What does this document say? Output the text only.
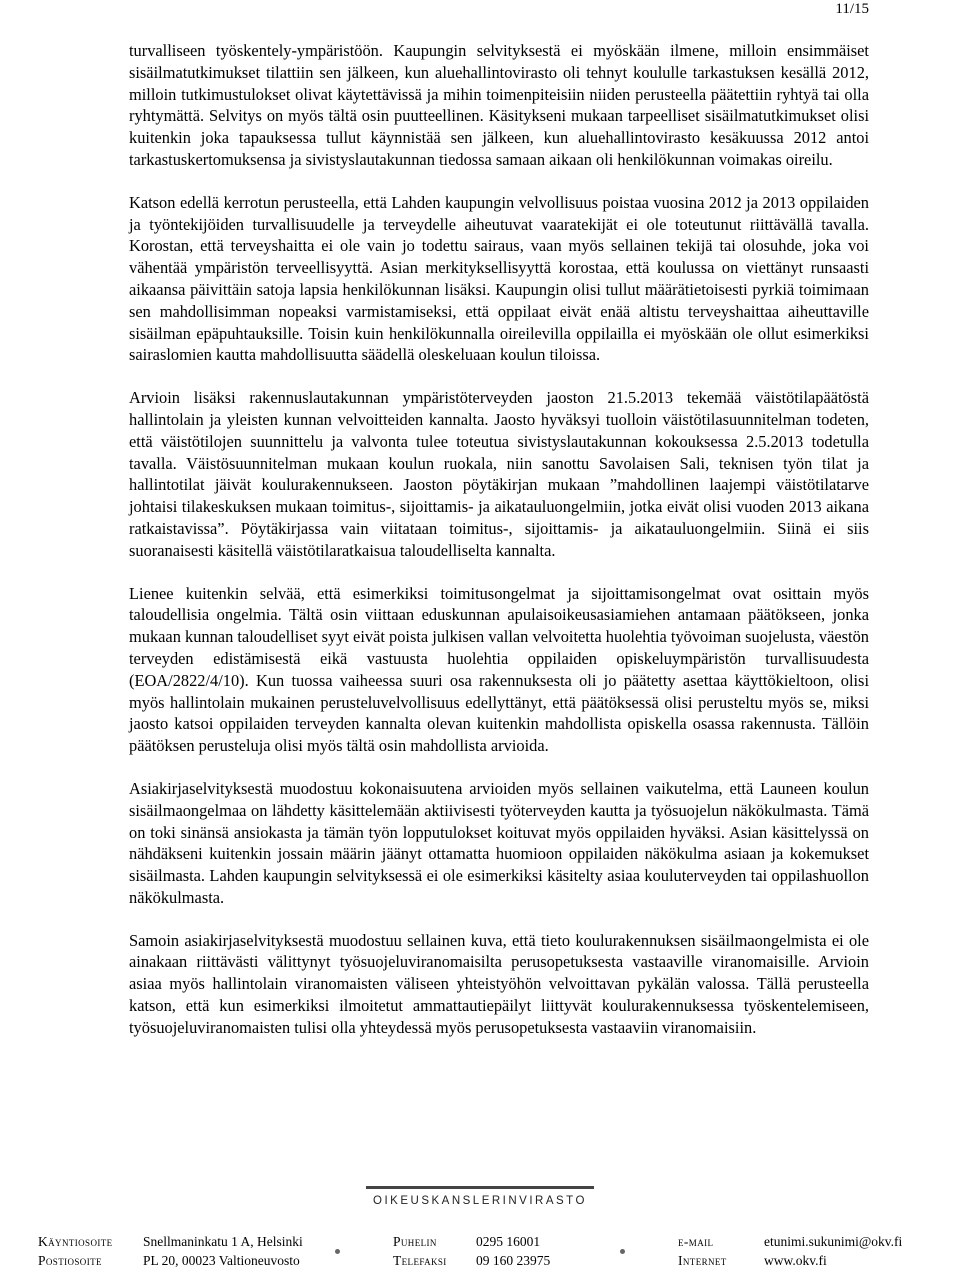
11/15

turvalliseen työskentely-ympäristöön. Kaupungin selvityksestä ei myöskään ilmene, milloin ensimmäiset sisäilmatutkimukset tilattiin sen jälkeen, kun aluehallintovirasto oli tehnyt koululle tarkastuksen kesällä 2012, milloin tutkimustulokset olivat käytettävissä ja mihin toimenpiteisiin niiden perusteella päätettiin ryhtyä tai olla ryhtymättä. Selvitys on myös tältä osin puutteellinen. Käsitykseni mukaan tarpeelliset sisäilmatutkimukset olisi kuitenkin joka tapauksessa tullut käynnistää sen jälkeen, kun aluehallintovirasto kesäkuussa 2012 antoi tarkastuskertomuksensa ja sivistyslautakunnan tiedossa samaan aikaan oli henkilökunnan voimakas oireilu.

Katson edellä kerrotun perusteella, että Lahden kaupungin velvollisuus poistaa vuosina 2012 ja 2013 oppilaiden ja työntekijöiden turvallisuudelle ja terveydelle aiheutuvat vaaratekijät ei ole toteutunut riittävällä tavalla. Korostan, että terveyshaitta ei ole vain jo todettu sairaus, vaan myös sellainen tekijä tai olosuhde, joka voi vähentää ympäristön terveellisyyttä. Asian merkityksellisyyttä korostaa, että koulussa on viettänyt runsaasti aikaansa päivittäin satoja lapsia henkilökunnan lisäksi. Kaupungin olisi tullut määrätietoisesti pyrkiä toimimaan sen mahdollisimman nopeaksi varmistamiseksi, että oppilaat eivät enää altistu terveyshaittaa aiheuttaville sisäilman epäpuhtauksille. Toisin kuin henkilökunnalla oireilevilla oppilailla ei myöskään ole ollut esimerkiksi sairaslomien kautta mahdollisuutta säädellä oleskeluaan koulun tiloissa.

Arvioin lisäksi rakennuslautakunnan ympäristöterveyden jaoston 21.5.2013 tekemää väistötilapäätöstä hallintolain ja yleisten kunnan velvoitteiden kannalta. Jaosto hyväksyi tuolloin väistötilasuunnitelman todeten, että väistötilojen suunnittelu ja valvonta tulee toteutua sivistyslautakunnan kokouksessa 2.5.2013 todetulla tavalla. Väistösuunnitelman mukaan koulun ruokala, niin sanottu Savolaisen Sali, teknisen työn tilat ja hallintotilat jäivät koulurakennukseen. Jaoston pöytäkirjan mukaan ”mahdollinen laajempi väistötilatarve johtaisi tilakeskuksen mukaan toimitus-, sijoittamis- ja aikatauluongelmiin, jotka eivät olisi vuoden 2013 aikana ratkaistavissa”. Pöytäkirjassa vain viitataan toimitus-, sijoittamis- ja aikatauluongelmiin. Siinä ei siis suoranaisesti käsitellä väistötilaratkaisua taloudelliselta kannalta.

Lienee kuitenkin selvää, että esimerkiksi toimitusongelmat ja sijoittamisongelmat ovat osittain myös taloudellisia ongelmia. Tältä osin viittaan eduskunnan apulaisoikeusasiamiehen antamaan päätökseen, jonka mukaan kunnan taloudelliset syyt eivät poista julkisen vallan velvoitetta huolehtia työvoiman suojelusta, väestön terveyden edistämisestä eikä vastuusta huolehtia oppilaiden opiskeluympäristön turvallisuudesta (EOA/2822/4/10). Kun tuossa vaiheessa suuri osa rakennuksesta oli jo päätetty asettaa käyttökieltoon, olisi myös hallintolain mukainen perusteluvelvollisuus edellyttänyt, että päätöksessä olisi perusteltu myös se, miksi jaosto katsoi oppilaiden terveyden kannalta olevan kuitenkin mahdollista opiskella osassa rakennusta. Tällöin päätöksen perusteluja olisi myös tältä osin mahdollista arvioida.

Asiakirjaselvityksestä muodostuu kokonaisuutena arvioiden myös sellainen vaikutelma, että Launeen koulun sisäilmaongelmaa on lähdetty käsittelemään aktiivisesti työterveyden kautta ja työsuojelun näkökulmasta. Tämä on toki sinänsä ansiokasta ja tämän työn lopputulokset koituvat myös oppilaiden hyväksi. Asian käsittelyssä on nähdäkseni kuitenkin jossain määrin jäänyt ottamatta huomioon oppilaiden näkökulma asiaan ja kokemukset sisäilmasta. Lahden kaupungin selvityksessä ei ole esimerkiksi käsitelty asiaa kouluterveyden tai oppilashuollon näkökulmasta.

Samoin asiakirjaselvityksestä muodostuu sellainen kuva, että tieto koulurakennuksen sisäilmaongelmista ei ole ainakaan riittävästi välittynyt työsuojeluviranomaisilta perusopetuksesta vastaaville viranomaisille. Arvioin asiaa myös hallintolain viranomaisten väliseen yhteistyöhön velvoittavan pykälän valossa. Tällä perusteella katson, että kun esimerkiksi ilmoitetut ammattautiepäilyt liittyvät koulurakennuksessa työskentelemiseen, työsuojeluviranomaisten tulisi olla yhteydessä myös perusopetuksesta vastaaviin viranomaisiin.

OIKEUSKANSLERINVIRASTO
Käyntiosoite Snellmaninkatu 1 A, Helsinki	Puhelin	0295 16001	e-mail	etunimi.sukunimi@okv.fi
Postiosoite	PL 20, 00023 Valtioneuvosto	Telefaksi 09 160 23975	Internet	www.okv.fi
